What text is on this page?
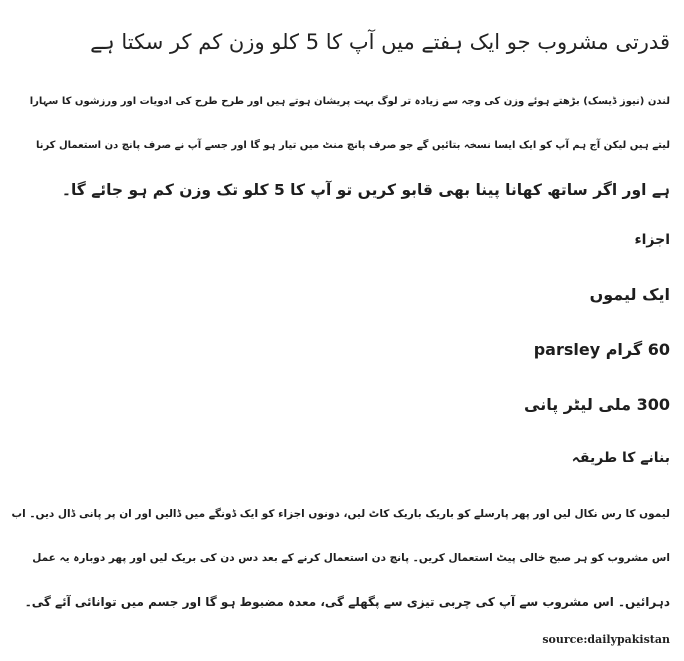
قدرتی مشروب جو ایک ہفتے میں آپ کا 5 کلو وزن کم کر سکتا ہے

لندن (نیوز ڈیسک) بڑھتے ہوئے وزن کی وجہ سے زیادہ تر لوگ بہت پریشان ہوتے ہیں اور طرح طرح کی ادویات اور ورزشوں کا سہارا
لیتے ہیں لیکن آج ہم آپ کو ایک ایسا نسخہ بتائیں گے جو صرف پانچ منٹ میں تیار ہو گا اور جسے آپ نے صرف پانچ دن استعمال کرنا
ہے اور اگر ساتھ کھانا پینا بھی قابو کریں تو آپ کا 5 کلو تک وزن کم ہو جائے گا۔

اجزاء

ایک لیموں

60 گرام parsley

300 ملی لیٹر پانی

بنانے کا طریقہ

لیموں کا رس نکال لیں اور پھر پارسلے کو باریک باریک کاٹ لیں، دونوں اجزاء کو ایک ڈونگے میں ڈالیں اور ان پر پانی ڈال دیں۔ اب
اس مشروب کو ہر صبح خالی پیٹ استعمال کریں۔ پانچ دن استعمال کرنے کے بعد دس دن کی بریک لیں اور پھر دوبارہ یہ عمل
دہرائیں۔ اس مشروب سے آپ کی چربی تیزی سے پگھلے گی، معدہ مضبوط ہو گا اور جسم میں توانائی آئے گی۔

source:dailypakistan
